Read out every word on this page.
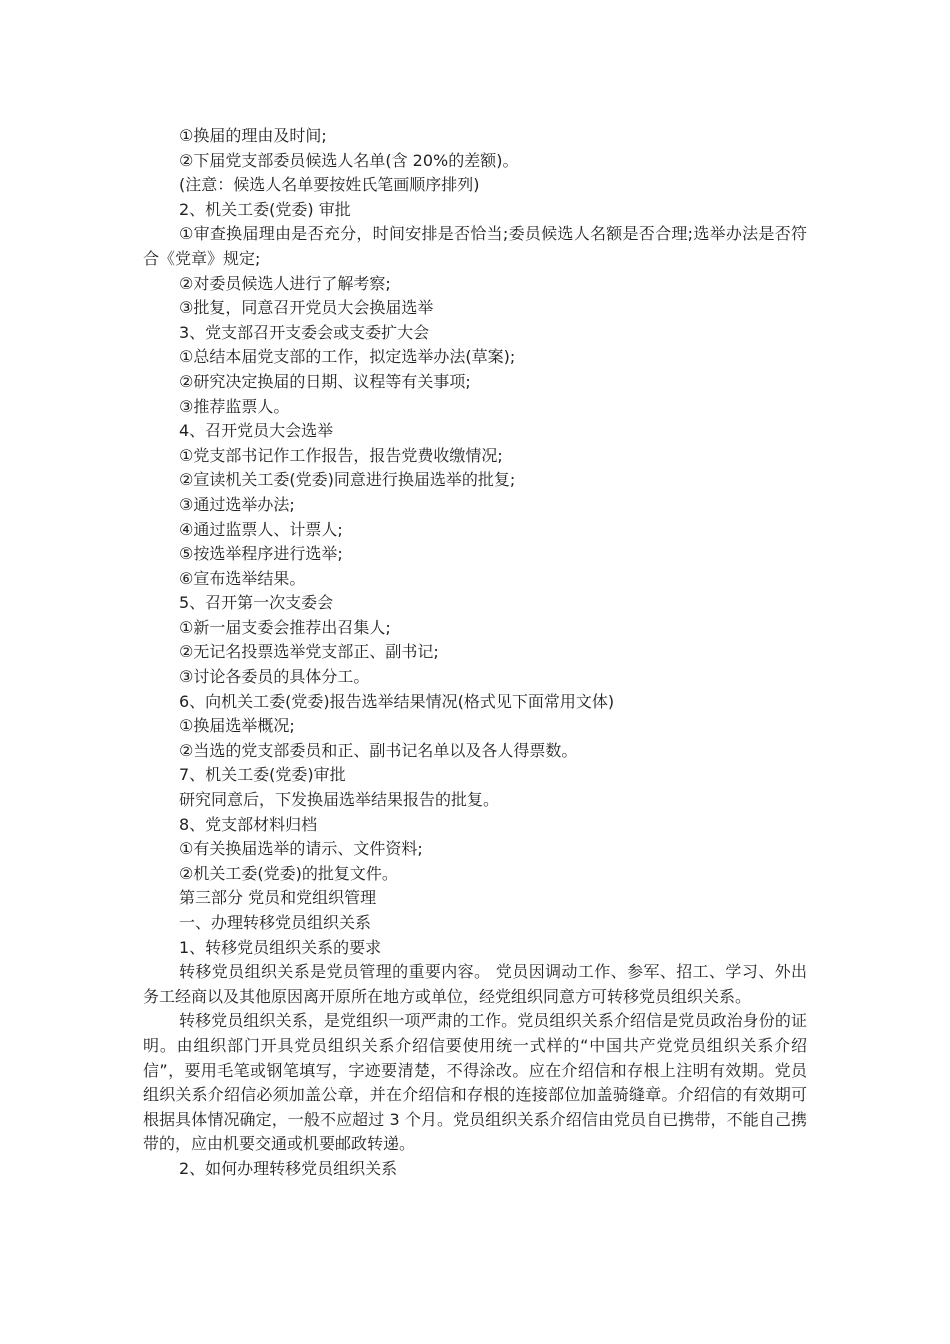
①换届的理由及时间;

②下届党支部委员候选人名单(含 20%的差额)。

(注意：候选人名单要按姓氏笔画顺序排列)

2、机关工委(党委) 审批

①审查换届理由是否充分，时间安排是否恰当;委员候选人名额是否合理;选举办法是否符合《党章》规定;

②对委员候选人进行了解考察;

③批复，同意召开党员大会换届选举

3、党支部召开支委会或支委扩大会

①总结本届党支部的工作，拟定选举办法(草案);

②研究决定换届的日期、议程等有关事项;

③推荐监票人。

4、召开党员大会选举

①党支部书记作工作报告，报告党费收缴情况;

②宣读机关工委(党委)同意进行换届选举的批复;

③通过选举办法;

④通过监票人、计票人;

⑤按选举程序进行选举;

⑥宣布选举结果。

5、召开第一次支委会

①新一届支委会推荐出召集人;

②无记名投票选举党支部正、副书记;

③讨论各委员的具体分工。

6、向机关工委(党委)报告选举结果情况(格式见下面常用文体)

①换届选举概况;

②当选的党支部委员和正、副书记名单以及各人得票数。

7、机关工委(党委)审批

研究同意后，下发换届选举结果报告的批复。

8、党支部材料归档

①有关换届选举的请示、文件资料;

②机关工委(党委)的批复文件。

第三部分 党员和党组织管理

一、办理转移党员组织关系

1、转移党员组织关系的要求

转移党员组织关系是党员管理的重要内容。 党员因调动工作、参军、招工、学习、外出务工经商以及其他原因离开原所在地方或单位，经党组织同意方可转移党员组织关系。

转移党员组织关系，是党组织一项严肃的工作。党员组织关系介绍信是党员政治身份的证明。由组织部门开具党员组织关系介绍信要使用统一式样的“中国共产党党员组织关系介绍信”，要用毛笔或钢笔填写，字迹要清楚，不得涂改。应在介绍信和存根上注明有效期。党员组织关系介绍信必须加盖公章，并在介绍信和存根的连接部位加盖骑缝章。介绍信的有效期可根据具体情况确定，一般不应超过 3 个月。党员组织关系介绍信由党员自已携带，不能自己携带的，应由机要交通或机要邮政转递。

2、如何办理转移党员组织关系
